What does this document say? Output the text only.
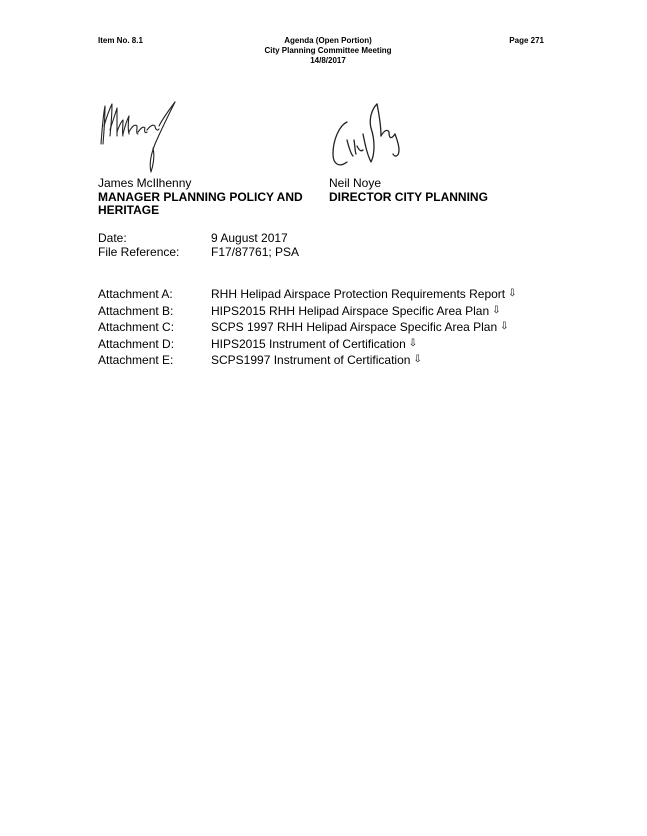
Item No. 8.1	Agenda (Open Portion)
City Planning Committee Meeting
14/8/2017
Page 271
James McIlhenny
MANAGER PLANNING POLICY AND HERITAGE
Neil Noye
DIRECTOR CITY PLANNING
Date:	9 August 2017
File Reference:	F17/87761; PSA
Attachment A:	RHH Helipad Airspace Protection Requirements Report ⇩
Attachment B:	HIPS2015 RHH Helipad Airspace Specific Area Plan ⇩
Attachment C:	SCPS 1997 RHH Helipad Airspace Specific Area Plan ⇩
Attachment D:	HIPS2015 Instrument of Certification ⇩
Attachment E:	SCPS1997 Instrument of Certification ⇩
